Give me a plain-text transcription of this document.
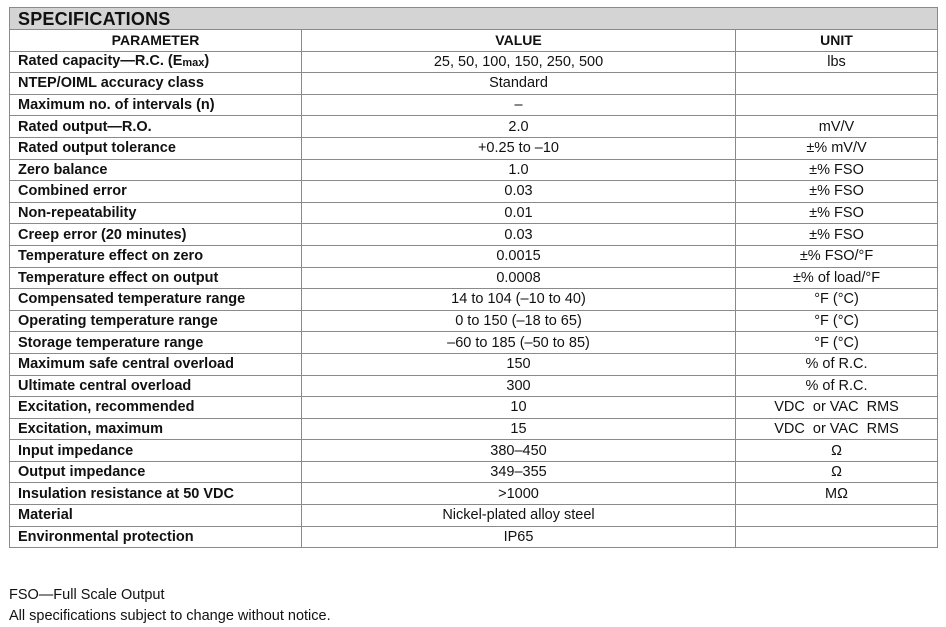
SPECIFICATIONS		
PARAMETER	VALUE	UNIT
Rated capacity—R.C. $(E_{max})$	25, 50, 100, 150, 250, 500	lbs
NTEP/OIML accuracy class	Standard	
Maximum no. of intervals (n)	–	
Rated output—R.O.	2.0	mV/V
Rated output tolerance	+0.25 to –10	±% mV/V
Zero balance	1.0	±% FSO
Combined error	0.03	±% FSO
Non-repeatability	0.01	±% FSO
Creep error (20 minutes)	0.03	±% FSO
Temperature effect on zero	0.0015	±% FSO/°F
Temperature effect on output	0.0008	±% of load/°F
Compensated temperature range	14 to 104 (–10 to 40)	°F (°C)
Operating temperature range	0 to 150 (–18 to 65)	°F (°C)
Storage temperature range	–60 to 185 (–50 to 85)	°F (°C)
Maximum safe central overload	150	% of R.C.
Ultimate central overload	300	% of R.C.
Excitation, recommended	10	VDC  or VAC  RMS
Excitation, maximum	15	VDC  or VAC  RMS
Input impedance	380–450	Ω
Output impedance	349–355	Ω
Insulation resistance at 50 VDC	>1000	MΩ
Material	Nickel-plated alloy steel	
Environmental protection	IP65	
FSO—Full Scale Output
All specifications subject to change without notice.
